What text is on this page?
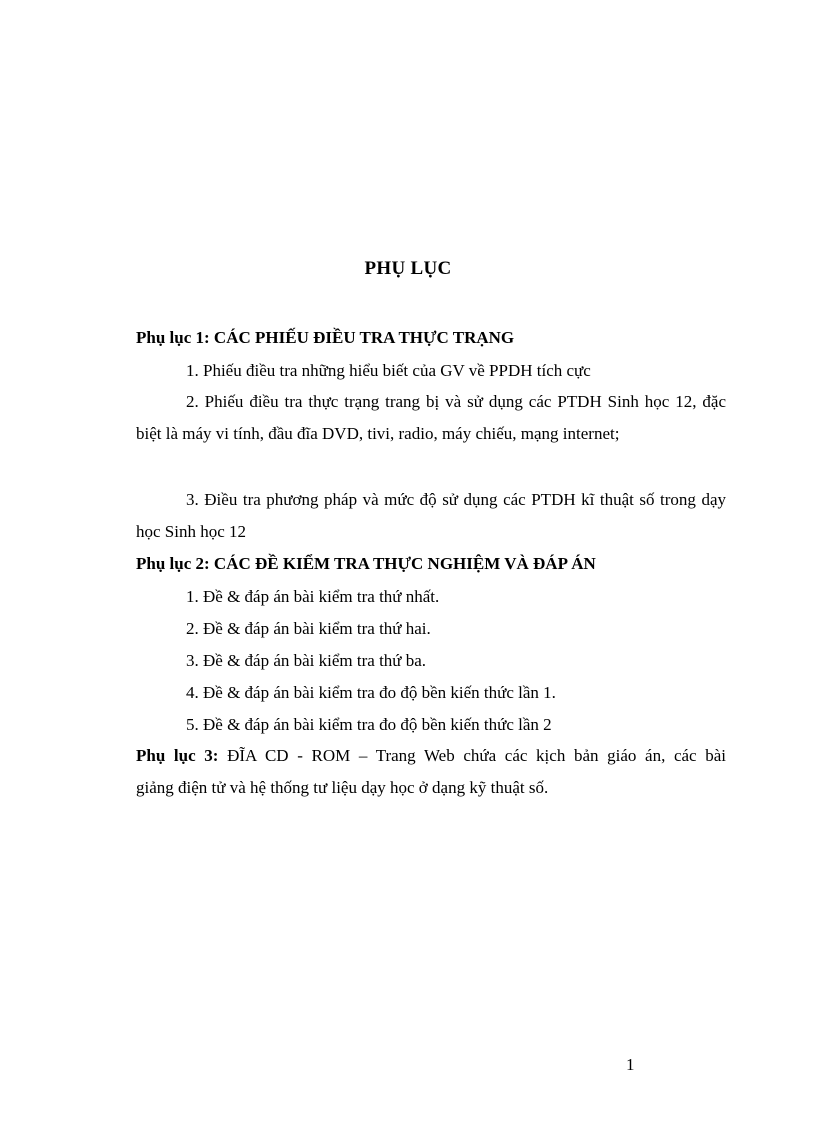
PHỤ LỤC
Phụ lục 1: CÁC PHIẾU ĐIỀU TRA THỰC TRẠNG
1. Phiếu điều tra những hiểu biết của GV về PPDH tích cực
2. Phiếu điều tra thực trạng trang bị và sử dụng các PTDH Sinh học 12, đặc biệt là máy vi tính, đầu đĩa DVD, tivi, radio, máy chiếu, mạng internet;
3. Điều tra phương pháp và mức độ sử dụng các PTDH kĩ thuật số trong dạy học Sinh học 12
Phụ lục 2: CÁC ĐỀ KIỂM TRA THỰC NGHIỆM VÀ ĐÁP ÁN
1. Đề & đáp án bài kiểm tra thứ nhất.
2. Đề & đáp án bài kiểm tra thứ hai.
3. Đề & đáp án bài kiểm tra thứ ba.
4. Đề & đáp án bài kiểm tra đo độ bền kiến thức lần 1.
5. Đề & đáp án bài kiểm tra đo độ bền kiến thức lần 2
Phụ lục 3: ĐĨA CD - ROM – Trang Web chứa các kịch bản giáo án, các bài
giảng điện tử và hệ thống tư liệu dạy học ở dạng kỹ thuật số.
1
